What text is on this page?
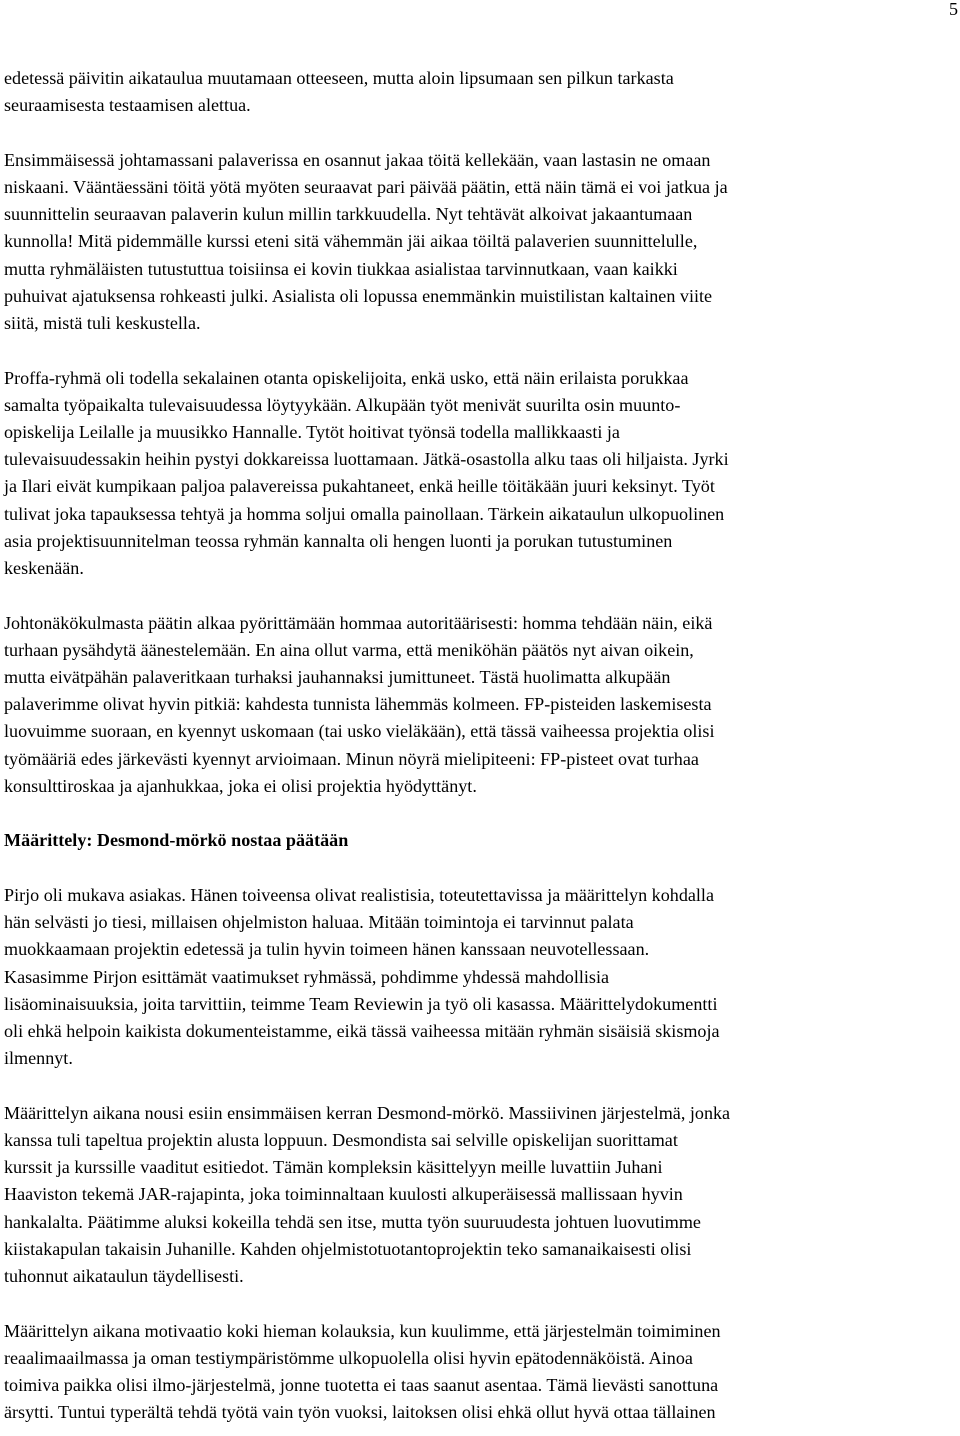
5

edetessä päivitin aikataulua muutamaan otteeseen, mutta aloin lipsumaan sen pilkun tarkasta
seuraamisesta testaamisen alettua.

Ensimmäisessä johtamassani palaverissa en osannut jakaa töitä kellekään, vaan lastasin ne omaan
niskaani. Vääntäessäni töitä yötä myöten seuraavat pari päivää päätin, että näin tämä ei voi jatkua ja
suunnittelin seuraavan palaverin kulun millin tarkkuudella. Nyt tehtävät alkoivat jakaantumaan
kunnolla! Mitä pidemmälle kurssi eteni sitä vähemmän jäi aikaa töiltä palaverien suunnittelulle,
mutta ryhmäläisten tutustuttua toisiinsa ei kovin tiukkaa asialistaa tarvinnutkaan, vaan kaikki
puhuivat ajatuksensa rohkeasti julki. Asialista oli lopussa enemmänkin muistilistan kaltainen viite
siitä, mistä tuli keskustella.

Proffa-ryhmä oli todella sekalainen otanta opiskelijoita, enkä usko, että näin erilaista porukkaa
samalta työpaikalta tulevaisuudessa löytyykään. Alkupään työt menivät suurilta osin muunto-
opiskelija Leilalle ja muusikko Hannalle. Tytöt hoitivat työnsä todella mallikkaasti ja
tulevaisuudessakin heihin pystyi dokkareissa luottamaan. Jätkä-osastolla alku taas oli hiljaista. Jyrki
ja Ilari eivät kumpikaan paljoa palavereissa pukahtaneet, enkä heille töitäkään juuri keksinyt. Työt
tulivat joka tapauksessa tehtyä ja homma soljui omalla painollaan. Tärkein aikataulun ulkopuolinen
asia projektisuunnitelman teossa ryhmän kannalta oli hengen luonti ja porukan tutustuminen
keskenään.

Johtonäkökulmasta päätin alkaa pyörittämään hommaa autoritäärisesti: homma tehdään näin, eikä
turhaan pysähdytä äänestelemään. En aina ollut varma, että meniköhän päätös nyt aivan oikein,
mutta eivätpähän palaveritkaan turhaksi jauhannaksi jumittuneet. Tästä huolimatta alkupään
palaverimme olivat hyvin pitkiä: kahdesta tunnista lähemmäs kolmeen. FP-pisteiden laskemisesta
luovuimme suoraan, en kyennyt uskomaan (tai usko vieläkään), että tässä vaiheessa projektia olisi
työmääriä edes järkevästi kyennyt arvioimaan. Minun nöyrä mielipiteeni: FP-pisteet ovat turhaa
konsulttiroskaa ja ajanhukkaa, joka ei olisi projektia hyödyttänyt.

Määrittely: Desmond-mörkö nostaa päätään

Pirjo oli mukava asiakas. Hänen toiveensa olivat realistisia, toteutettavissa ja määrittelyn kohdalla
hän selvästi jo tiesi, millaisen ohjelmiston haluaa. Mitään toimintoja ei tarvinnut palata
muokkaamaan projektin edetessä ja tulin hyvin toimeen hänen kanssaan neuvotellessaan.
Kasasimme Pirjon esittämät vaatimukset ryhmässä, pohdimme yhdessä mahdollisia
lisäominaisuuksia, joita tarvittiin, teimme Team Reviewin ja työ oli kasassa. Määrittelydokumentti
oli ehkä helpoin kaikista dokumenteistamme, eikä tässä vaiheessa mitään ryhmän sisäisiä skismoja
ilmennyt.

Määrittelyn aikana nousi esiin ensimmäisen kerran Desmond-mörkö. Massiivinen järjestelmä, jonka
kanssa tuli tapeltua projektin alusta loppuun. Desmondista sai selville opiskelijan suorittamat
kurssit ja kurssille vaaditut esitiedot. Tämän kompleksin käsittelyyn meille luvattiin Juhani
Haaviston tekemä JAR-rajapinta, joka toiminnaltaan kuulosti alkuperäisessä mallissaan hyvin
hankalalta. Päätimme aluksi kokeilla tehdä sen itse, mutta työn suuruudesta johtuen luovutimme
kiistakapulan takaisin Juhanille. Kahden ohjelmistotuotantoprojektin teko samanaikaisesti olisi
tuhonnut aikataulun täydellisesti.

Määrittelyn aikana motivaatio koki hieman kolauksia, kun kuulimme, että järjestelmän toimiminen
reaalimaailmassa ja oman testiympäristömme ulkopuolella olisi hyvin epätodennäköistä. Ainoa
toimiva paikka olisi ilmo-järjestelmä, jonne tuotetta ei taas saanut asentaa. Tämä lievästi sanottuna
ärsytti. Tuntui typerältä tehdä työtä vain työn vuoksi, laitoksen olisi ehkä ollut hyvä ottaa tällainen
